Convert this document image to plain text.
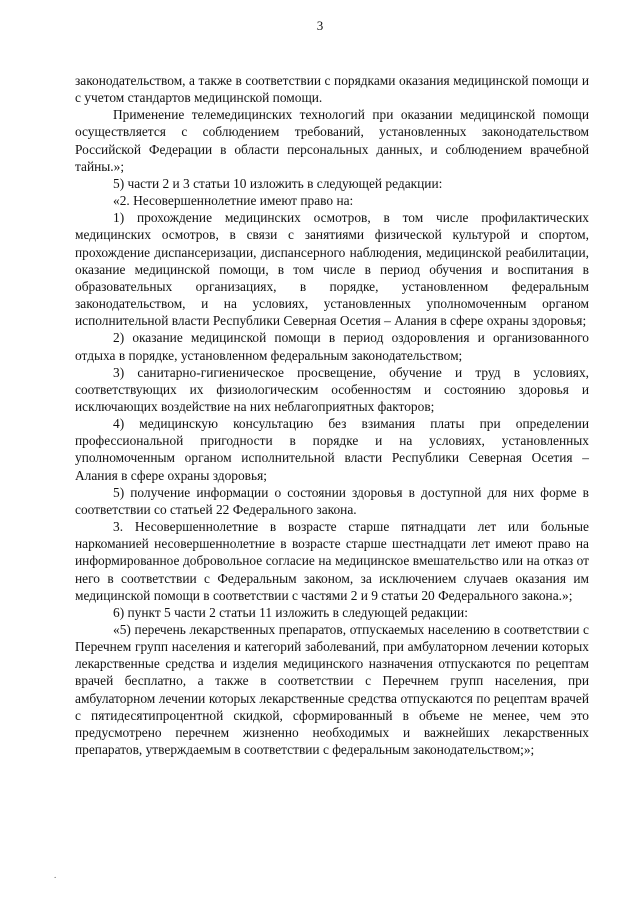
3

законодательством, а также в соответствии с порядками оказания медицинской помощи и с учетом стандартов медицинской помощи.

Применение телемедицинских технологий при оказании медицинской помощи осуществляется с соблюдением требований, установленных законодательством Российской Федерации в области персональных данных, и соблюдением врачебной тайны.»;

5) части 2 и 3 статьи 10 изложить в следующей редакции:

«2. Несовершеннолетние имеют право на:

1) прохождение медицинских осмотров, в том числе профилактических медицинских осмотров, в связи с занятиями физической культурой и спортом, прохождение диспансеризации, диспансерного наблюдения, медицинской реабилитации, оказание медицинской помощи, в том числе в период обучения и воспитания в образовательных организациях, в порядке, установленном федеральным законодательством, и на условиях, установленных уполномоченным органом исполнительной власти Республики Северная Осетия – Алания в сфере охраны здоровья;

2) оказание медицинской помощи в период оздоровления и организованного отдыха в порядке, установленном федеральным законодательством;

3) санитарно-гигиеническое просвещение, обучение и труд в условиях, соответствующих их физиологическим особенностям и состоянию здоровья и исключающих воздействие на них неблагоприятных факторов;

4) медицинскую консультацию без взимания платы при определении профессиональной пригодности в порядке и на условиях, установленных уполномоченным органом исполнительной власти Республики Северная Осетия – Алания в сфере охраны здоровья;

5) получение информации о состоянии здоровья в доступной для них форме в соответствии со статьей 22 Федерального закона.

3. Несовершеннолетние в возрасте старше пятнадцати лет или больные наркоманией несовершеннолетние в возрасте старше шестнадцати лет имеют право на информированное добровольное согласие на медицинское вмешательство или на отказ от него в соответствии с Федеральным законом, за исключением случаев оказания им медицинской помощи в соответствии с частями 2 и 9 статьи 20 Федерального закона.»;

6) пункт 5 части 2 статьи 11 изложить в следующей редакции:

«5) перечень лекарственных препаратов, отпускаемых населению в соответствии с Перечнем групп населения и категорий заболеваний, при амбулаторном лечении которых лекарственные средства и изделия медицинского назначения отпускаются по рецептам врачей бесплатно, а также в соответствии с Перечнем групп населения, при амбулаторном лечении которых лекарственные средства отпускаются по рецептам врачей с пятидесятипроцентной скидкой, сформированный в объеме не менее, чем это предусмотрено перечнем жизненно необходимых и важнейших лекарственных препаратов, утверждаемым в соответствии с федеральным законодательством;»;

.
